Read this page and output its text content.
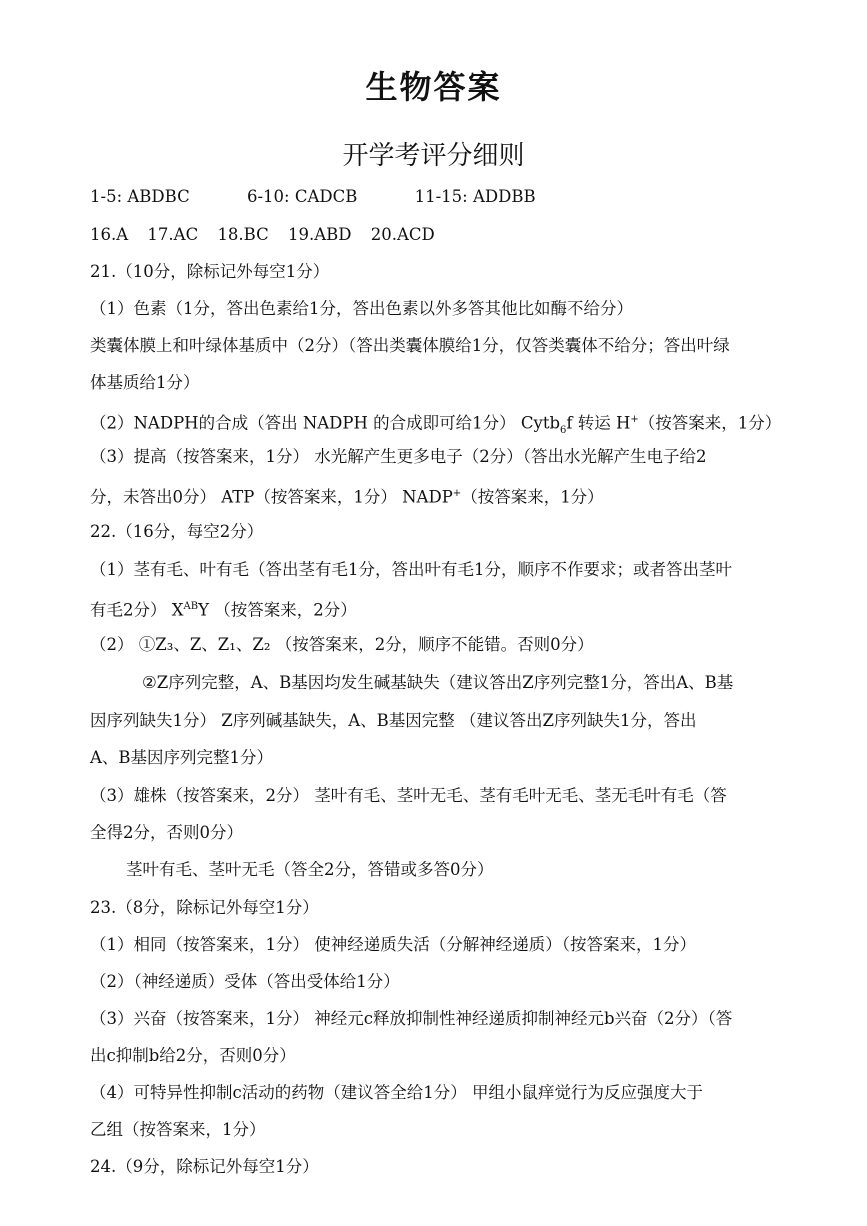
生物答案
开学考评分细则
1-5: ABDBC	6-10: CADCB	11-15: ADDBB
16.A 17.AC 18.BC 19.ABD 20.ACD
21.（10分，除标记外每空1分）
（1）色素（1分，答出色素给1分，答出色素以外多答其他比如酶不给分）
类囊体膜上和叶绿体基质中（2分）（答出类囊体膜给1分，仅答类囊体不给分；答出叶绿
体基质给1分）
（2）NADPH的合成（答出 NADPH 的合成即可给1分） Cytb$_6$f 转运 H+（按答案来，1分）
（3）提高（按答案来，1分） 水光解产生更多电子（2分）（答出水光解产生电子给2
分，未答出0分） ATP（按答案来，1分） NADP+（按答案来，1分）
22.（16分，每空2分）
（1）茎有毛、叶有毛（答出茎有毛1分，答出叶有毛1分，顺序不作要求；或者答出茎叶
有毛2分） $X^{AB}Y$ （按答案来，2分）
（2） ①Z₃、Z、Z₁、Z₂ （按答案来，2分，顺序不能错。否则0分）
②Z序列完整，A、B基因均发生碱基缺失（建议答出Z序列完整1分，答出A、B基
因序列缺失1分） Z序列碱基缺失，A、B基因完整 （建议答出Z序列缺失1分，答出
A、B基因序列完整1分）
（3）雄株（按答案来，2分） 茎叶有毛、茎叶无毛、茎有毛叶无毛、茎无毛叶有毛（答
全得2分，否则0分）
茎叶有毛、茎叶无毛（答全2分，答错或多答0分）
23.（8分，除标记外每空1分）
（1）相同（按答案来，1分） 使神经递质失活（分解神经递质）（按答案来，1分）
（2）（神经递质）受体（答出受体给1分）
（3）兴奋（按答案来，1分） 神经元c释放抑制性神经递质抑制神经元b兴奋（2分）（答
出c抑制b给2分，否则0分）
（4）可特异性抑制c活动的药物（建议答全给1分） 甲组小鼠痒觉行为反应强度大于
乙组（按答案来，1分）
24.（9分，除标记外每空1分）
